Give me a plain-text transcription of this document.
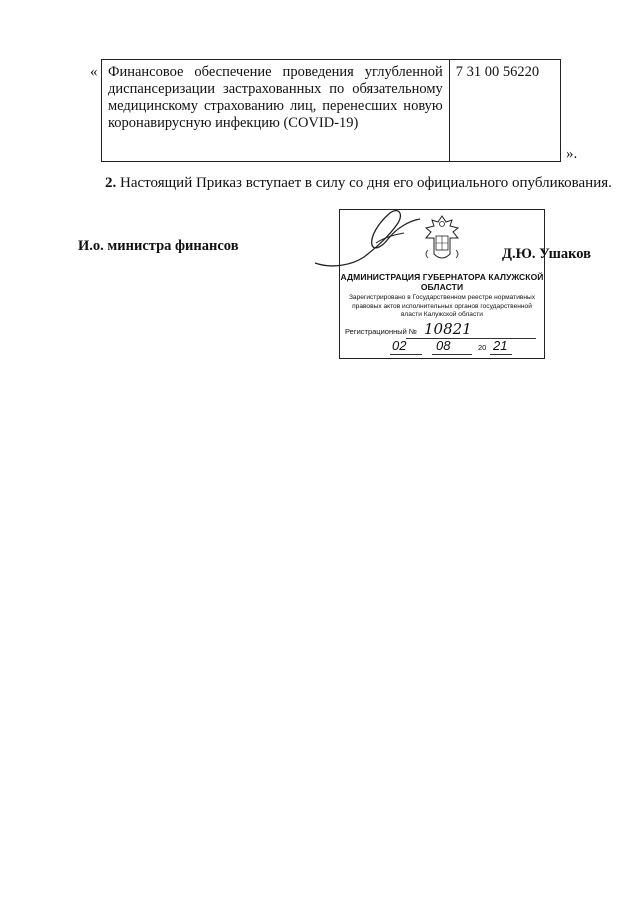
« Финансовое обеспечение проведения углубленной диспансеризации застрахованных по обязательному медицинскому страхованию лиц, перенесших новую коронавирусную инфекцию (COVID-19)	7 31 00 56220
».
2. Настоящий Приказ вступает в силу со дня его официального опубликования.
И.о. министра финансов
АДМИНИСТРАЦИЯ ГУБЕРНАТОРА КАЛУЖСКОЙ ОБЛАСТИ
Зарегистрировано в Государственном реестре нормативных правовых актов исполнительных органов государственной власти Калужской области
Регистрационный № 10821
02 08	20 21
Д.Ю. Ушаков
